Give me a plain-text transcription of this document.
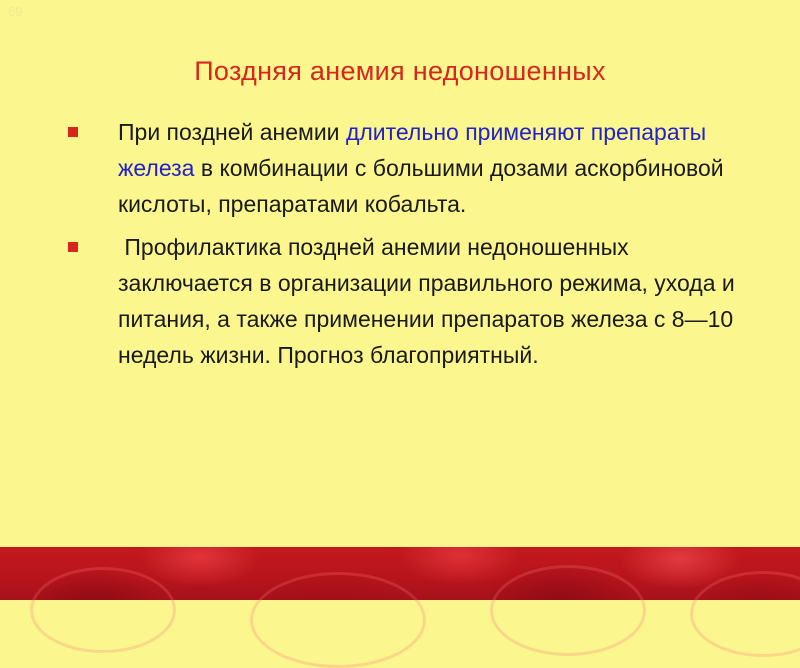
69
Поздняя анемия недоношенных
При поздней анемии длительно применяют препараты железа в комбинации с большими дозами аскорбиновой кислоты, препаратами кобальта.
Профилактика поздней анемии недоношенных заключается в организации правильного режима, ухода и питания, а также применении препаратов железа с 8—10 недель жизни. Прогноз благоприятный.
